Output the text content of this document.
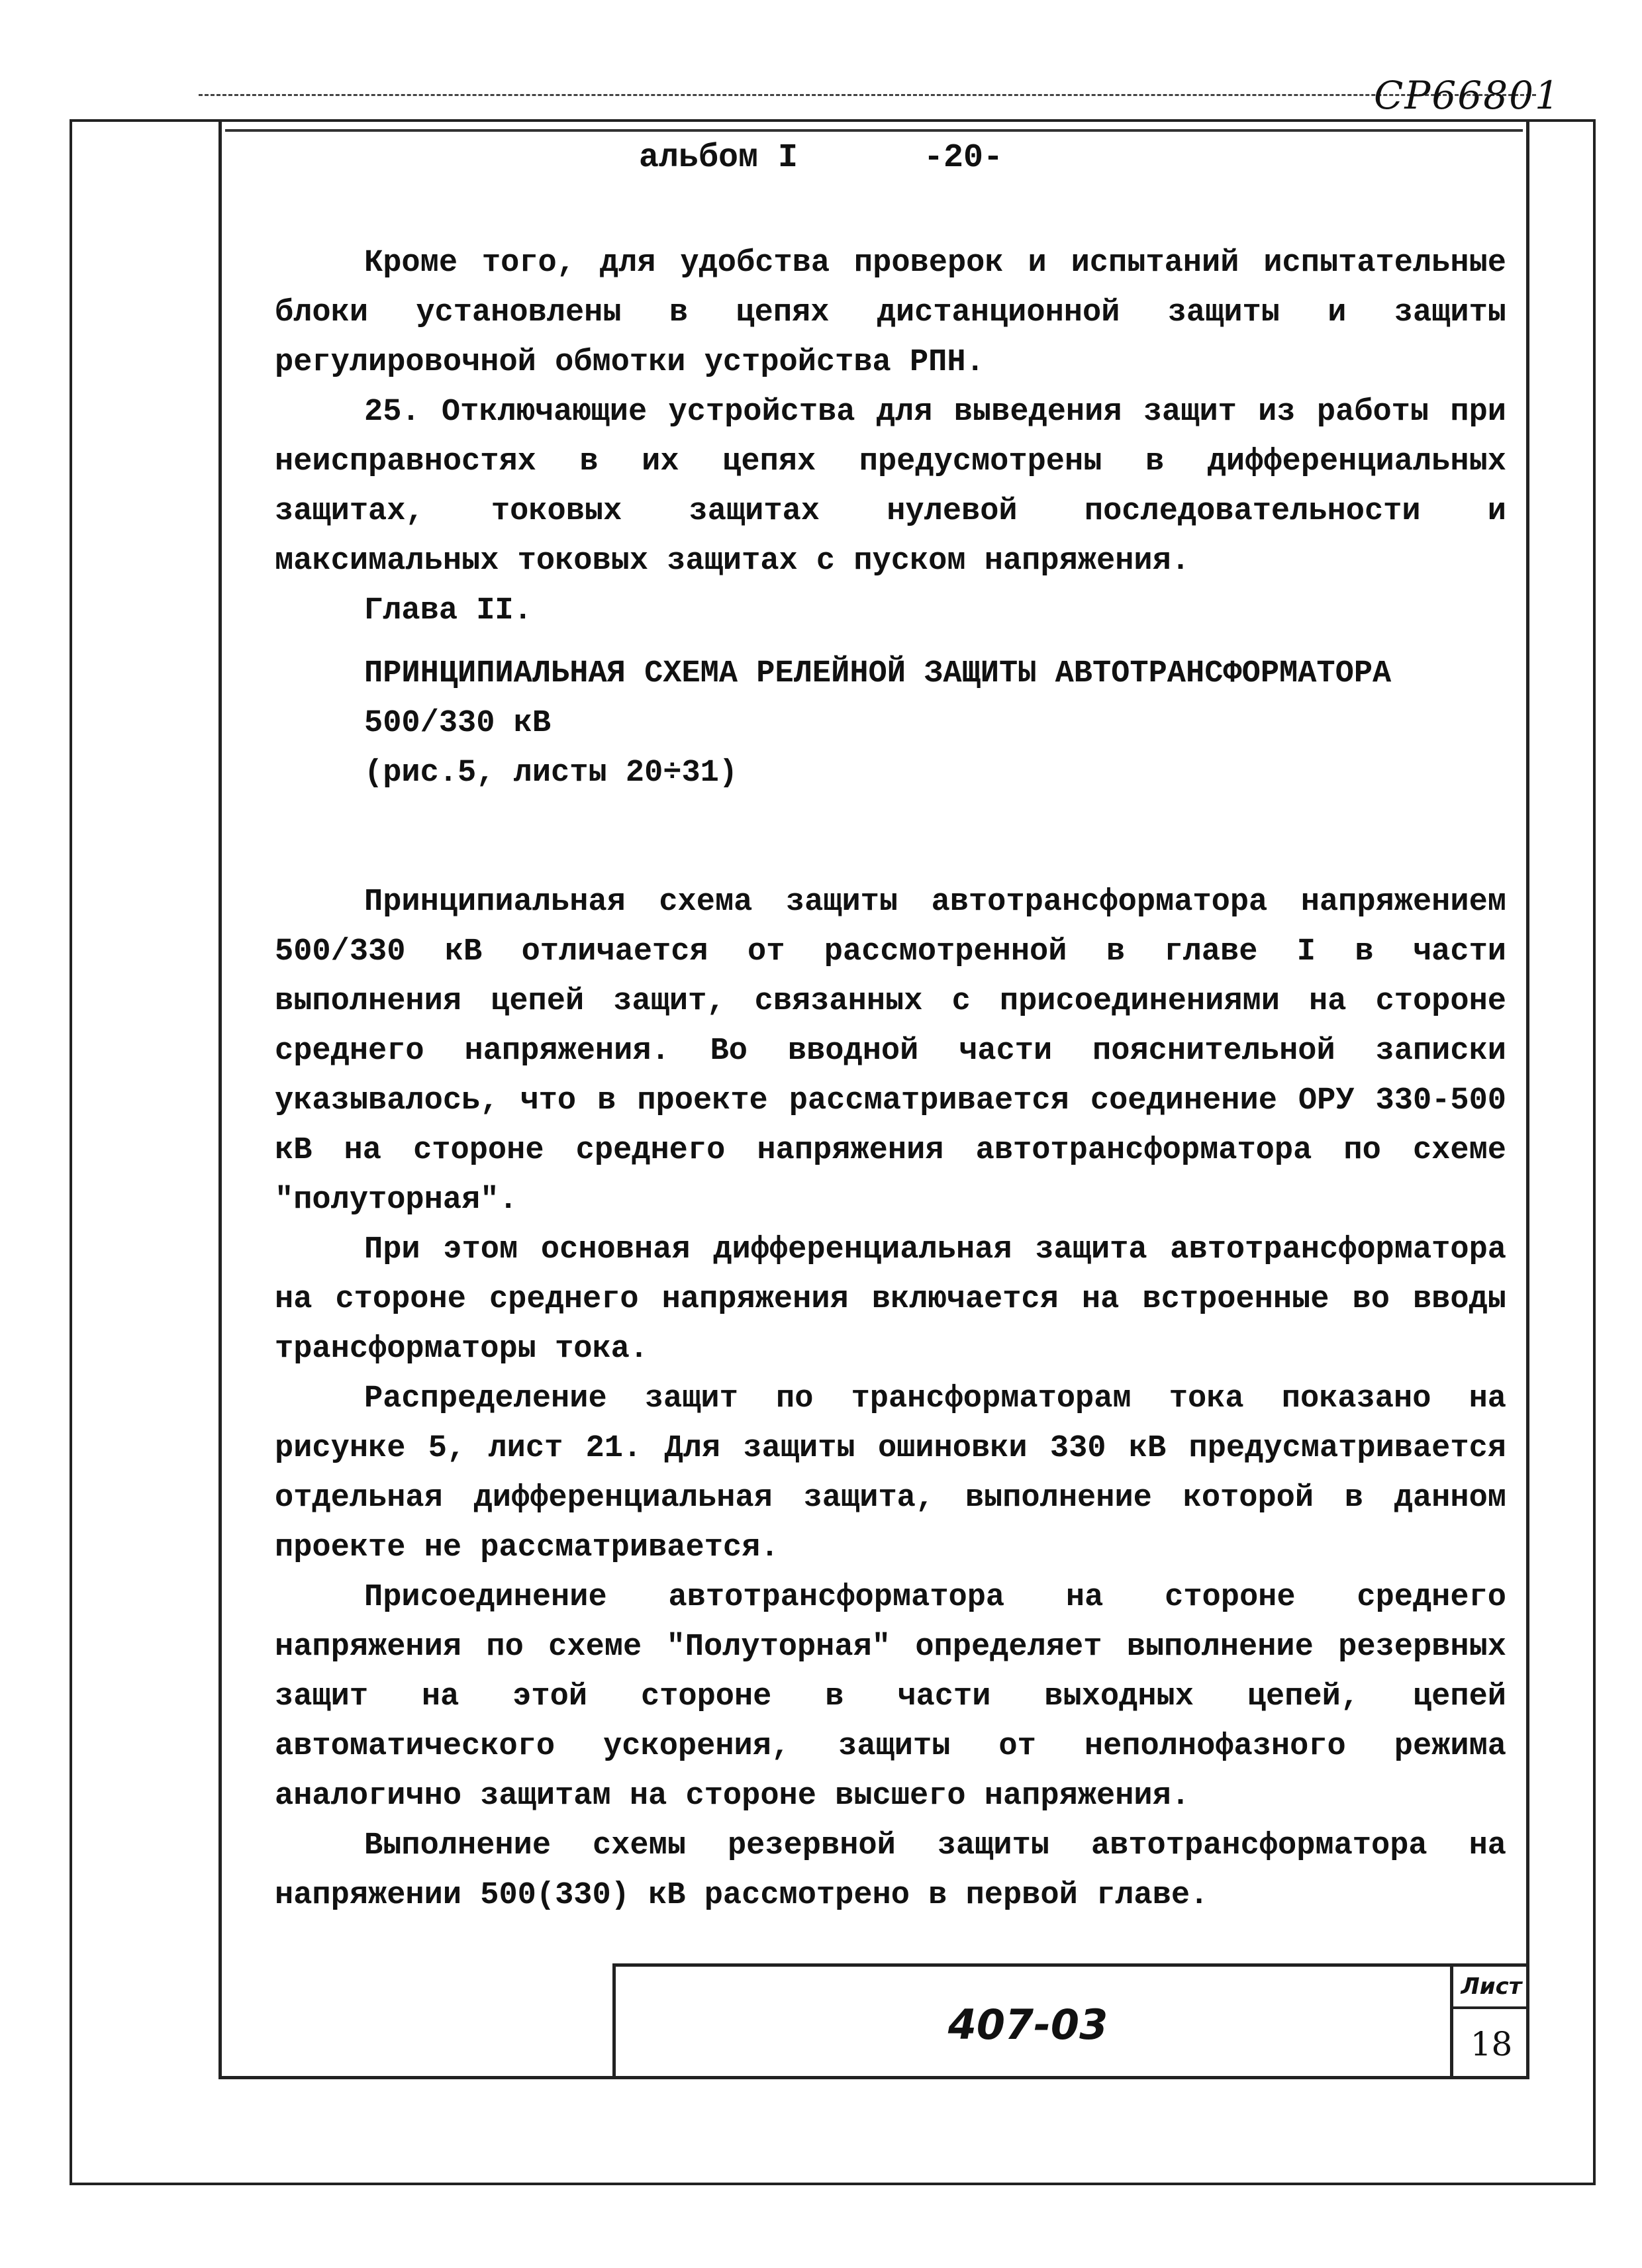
СР66801
альбом I	-20-

Кроме того, для удобства проверок и испытаний испытательные блоки установлены в цепях дистанционной защиты и защиты регулировочной обмотки устройства РПН.

25. Отключающие устройства для выведения защит из работы при неисправностях в их цепях предусмотрены в дифференциальных защитах, токовых защитах нулевой последовательности и максимальных токовых защитах с пуском напряжения.

Глава II.

ПРИНЦИПИАЛЬНАЯ СХЕМА РЕЛЕЙНОЙ ЗАЩИТЫ АВТОТРАНСФОРМАТОРА

500/330 кВ

(рис.5, листы 20÷31)

Принципиальная схема защиты автотрансформатора напряжением 500/330 кВ отличается от рассмотренной в главе I в части выполнения цепей защит, связанных с присоединениями на стороне среднего напряжения. Во вводной части пояснительной записки указывалось, что в проекте рассматривается соединение ОРУ 330-500 кВ на стороне среднего напряжения автотрансформатора по схеме "полуторная".

При этом основная дифференциальная защита автотрансформатора на стороне среднего напряжения включается на встроенные во вводы трансформаторы тока.

Распределение защит по трансформаторам тока показано на рисунке 5, лист 21. Для защиты ошиновки 330 кВ предусматривается отдельная дифференциальная защита, выполнение которой в данном проекте не рассматривается.

Присоединение автотрансформатора на стороне среднего напряжения по схеме "Полуторная" определяет выполнение резервных защит на этой стороне в части выходных цепей, цепей автоматического ускорения, защиты от неполнофазного режима аналогично защитам на стороне высшего напряжения.

Выполнение схемы резервной защиты автотрансформатора на напряжении 500(330) кВ рассмотрено в первой главе.

407-03
Лист
18
